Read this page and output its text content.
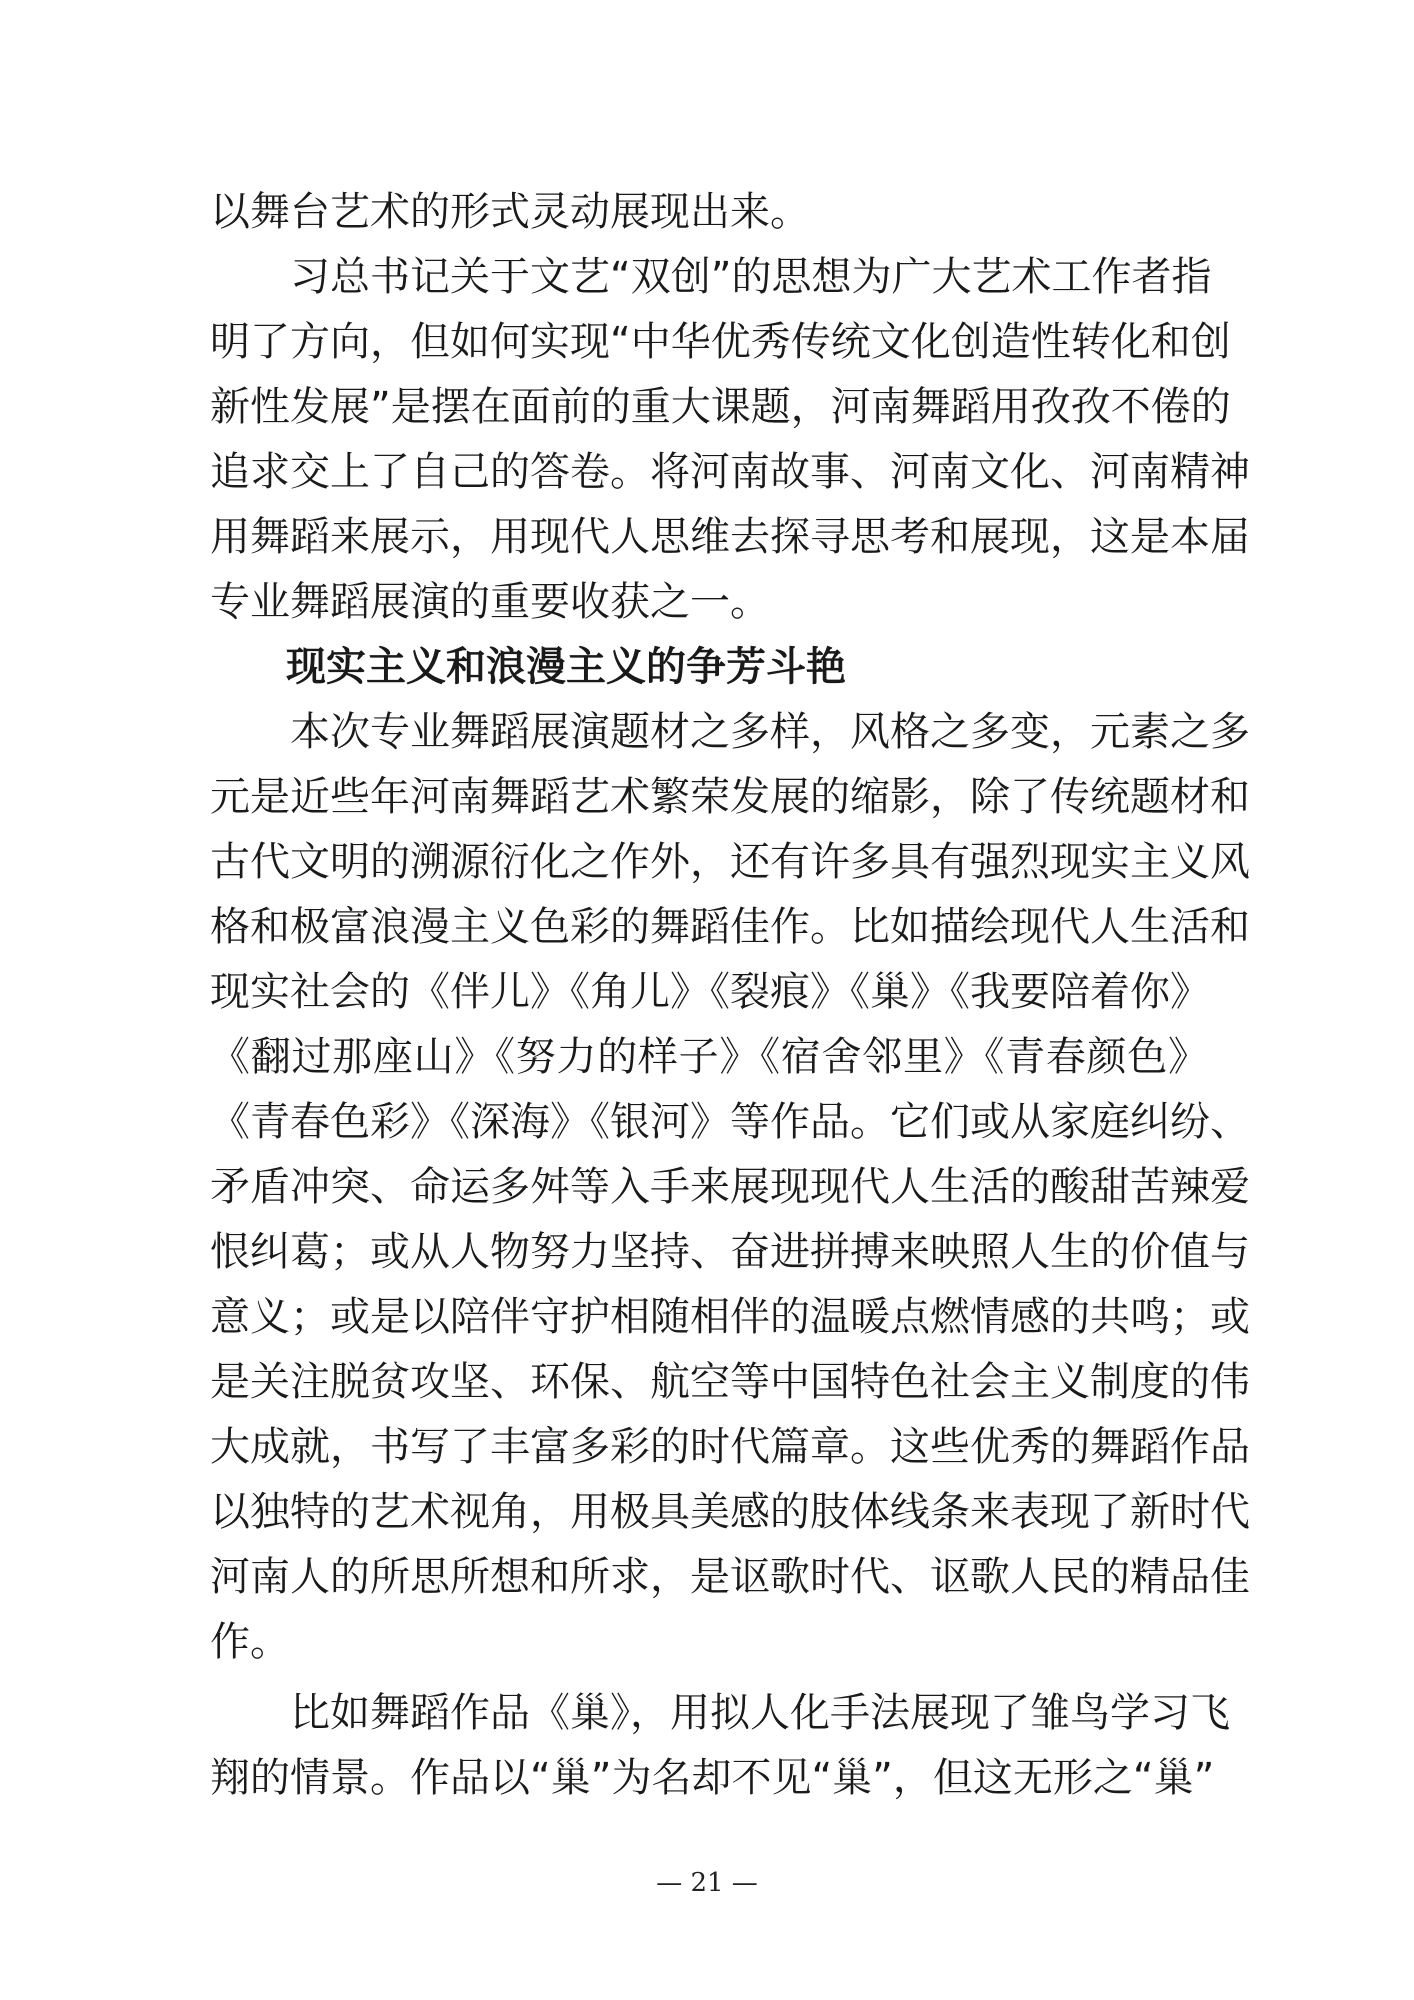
以舞台艺术的形式灵动展现出来。
　　习总书记关于文艺“双创”的思想为广大艺术工作者指
明了方向，但如何实现“中华优秀传统文化创造性转化和创
新性发展”是摆在面前的重大课题，河南舞蹈用孜孜不倦的
追求交上了自己的答卷。将河南故事、河南文化、河南精神
用舞蹈来展示，用现代人思维去探寻思考和展现，这是本届
专业舞蹈展演的重要收获之一。
现实主义和浪漫主义的争芳斗艳
　　本次专业舞蹈展演题材之多样，风格之多变，元素之多
元是近些年河南舞蹈艺术繁荣发展的缩影，除了传统题材和
古代文明的溯源衍化之作外，还有许多具有强烈现实主义风
格和极富浪漫主义色彩的舞蹈佳作。比如描绘现代人生活和
现实社会的《伴儿》《角儿》《裂痕》《巢》《我要陪着你》
《翻过那座山》《努力的样子》《宿舍邻里》《青春颜色》
《青春色彩》《深海》《银河》等作品。它们或从家庭纠纷、
矛盾冲突、命运多舛等入手来展现现代人生活的酸甜苦辣爱
恨纠葛；或从人物努力坚持、奋进拼搏来映照人生的价值与
意义；或是以陪伴守护相随相伴的温暖点燃情感的共鸣；或
是关注脱贫攻坚、环保、航空等中国特色社会主义制度的伟
大成就，书写了丰富多彩的时代篇章。这些优秀的舞蹈作品
以独特的艺术视角，用极具美感的肢体线条来表现了新时代
河南人的所思所想和所求，是讴歌时代、讴歌人民的精品佳
作。
　　比如舞蹈作品《巢》，用拟人化手法展现了雏鸟学习飞
翔的情景。作品以“巢”为名却不见“巢”，但这无形之“巢”
— 21 —
